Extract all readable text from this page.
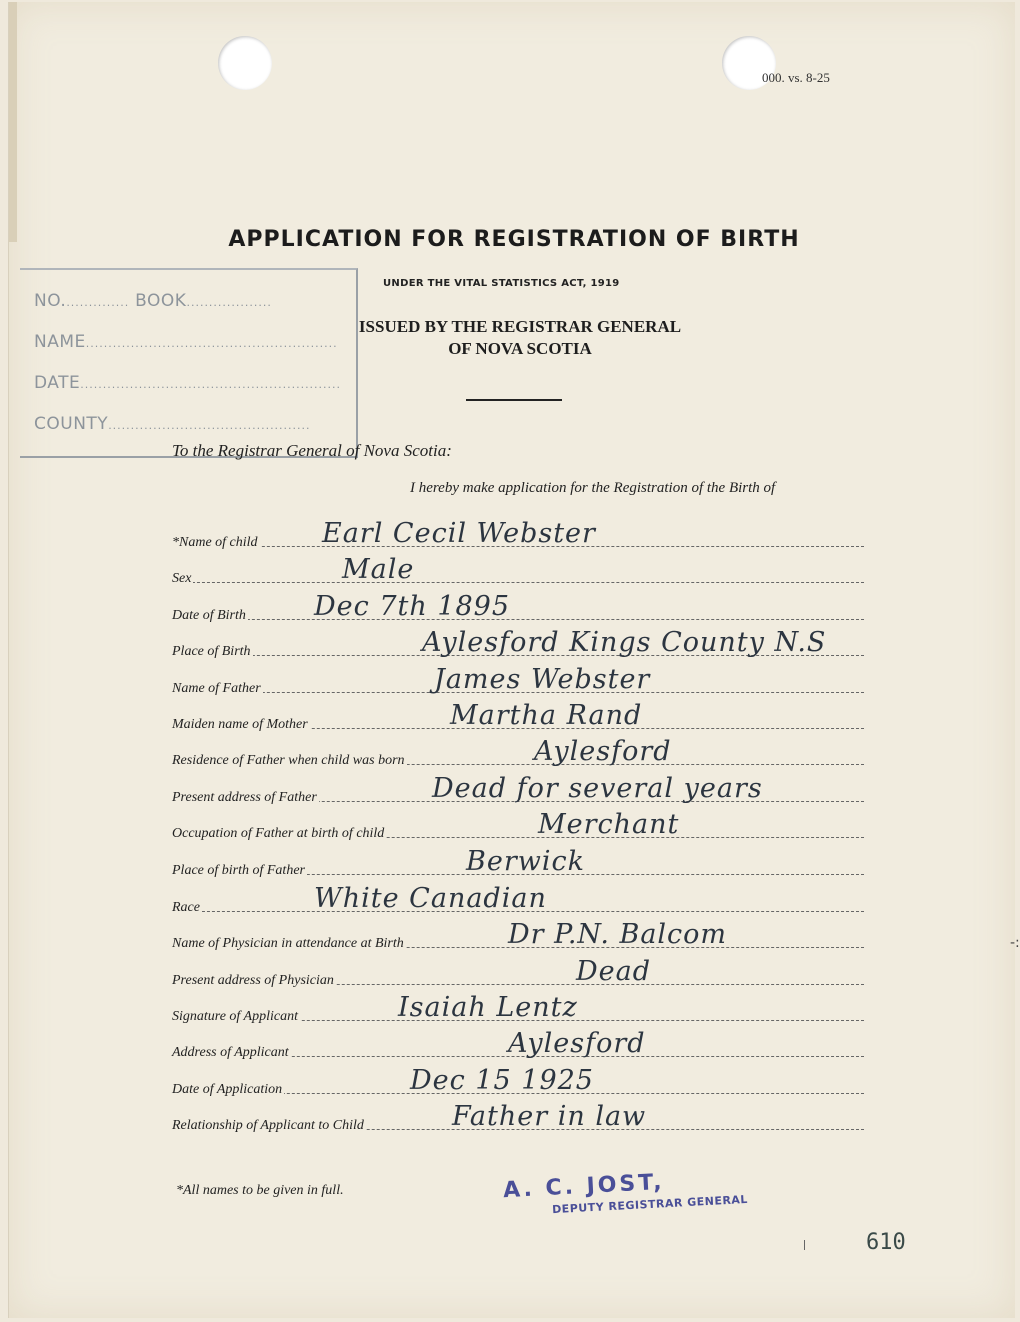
000. vs. 8-25
APPLICATION FOR REGISTRATION OF BIRTH
UNDER THE VITAL STATISTICS ACT, 1919
ISSUED BY THE REGISTRAR GENERAL
OF NOVA SCOTIA
NO............... BOOK...................
NAME........................................................
DATE..........................................................
COUNTY.............................................
To the Registrar General of Nova Scotia:
I hereby make application for the Registration of the Birth of
*Name of child Earl Cecil Webster
Sex	Male
Date of Birth	Dec 7th 1895
Place of Birth	Aylesford Kings County N.S
Name of Father	James Webster
Maiden name of Mother	Martha Rand
Residence of Father when child was born	Aylesford
Present address of Father	Dead for several years
Occupation of Father at birth of child	Merchant
Place of birth of Father	Berwick
Race	White Canadian
Name of Physician in attendance at Birth	Dr P.N. Balcom
Present address of Physician	Dead
Signature of Applicant	Isaiah Lentz
Address of Applicant	Aylesford
Date of Application	Dec 15 1925
Relationship of Applicant to Child	Father in law
*All names to be given in full.	A. C. JOST,
DEPUTY REGISTRAR GENERAL
610
-:
